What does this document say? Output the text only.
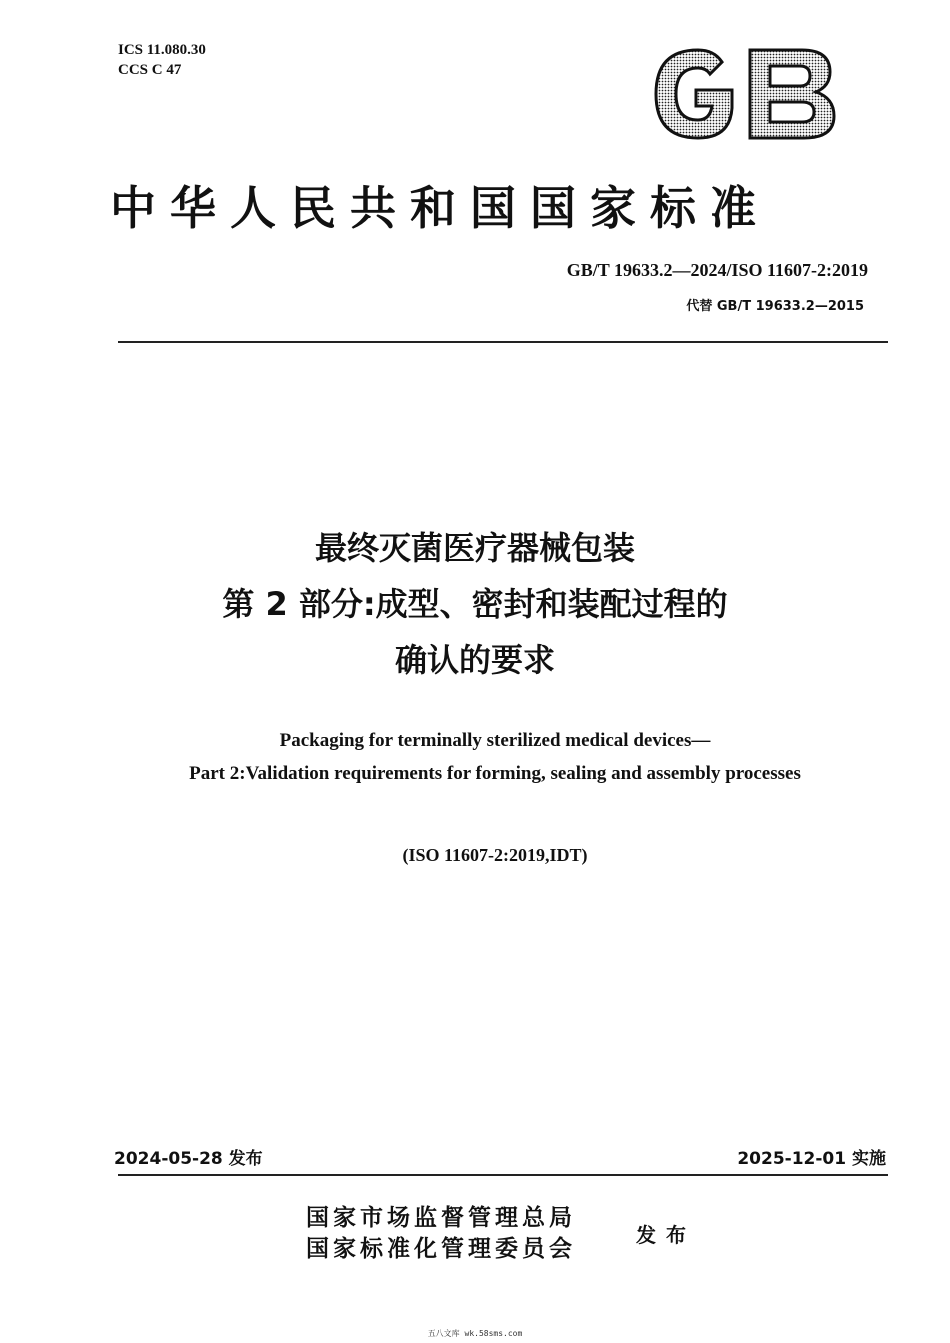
ICS 11.080.30
CCS C 47
中华人民共和国国家标准
GB/T 19633.2—2024/ISO 11607-2:2019
代替 GB/T 19633.2—2015
最终灭菌医疗器械包装
第 2 部分:成型、密封和装配过程的
确认的要求
Packaging for terminally sterilized medical devices—
Part 2:Validation requirements for forming, sealing and assembly processes
(ISO 11607-2:2019,IDT)
2024-05-28 发布	2025-12-01 实施
国家市场监督管理总局
国家标准化管理委员会	发布
五八文库 wk.58sms.com
